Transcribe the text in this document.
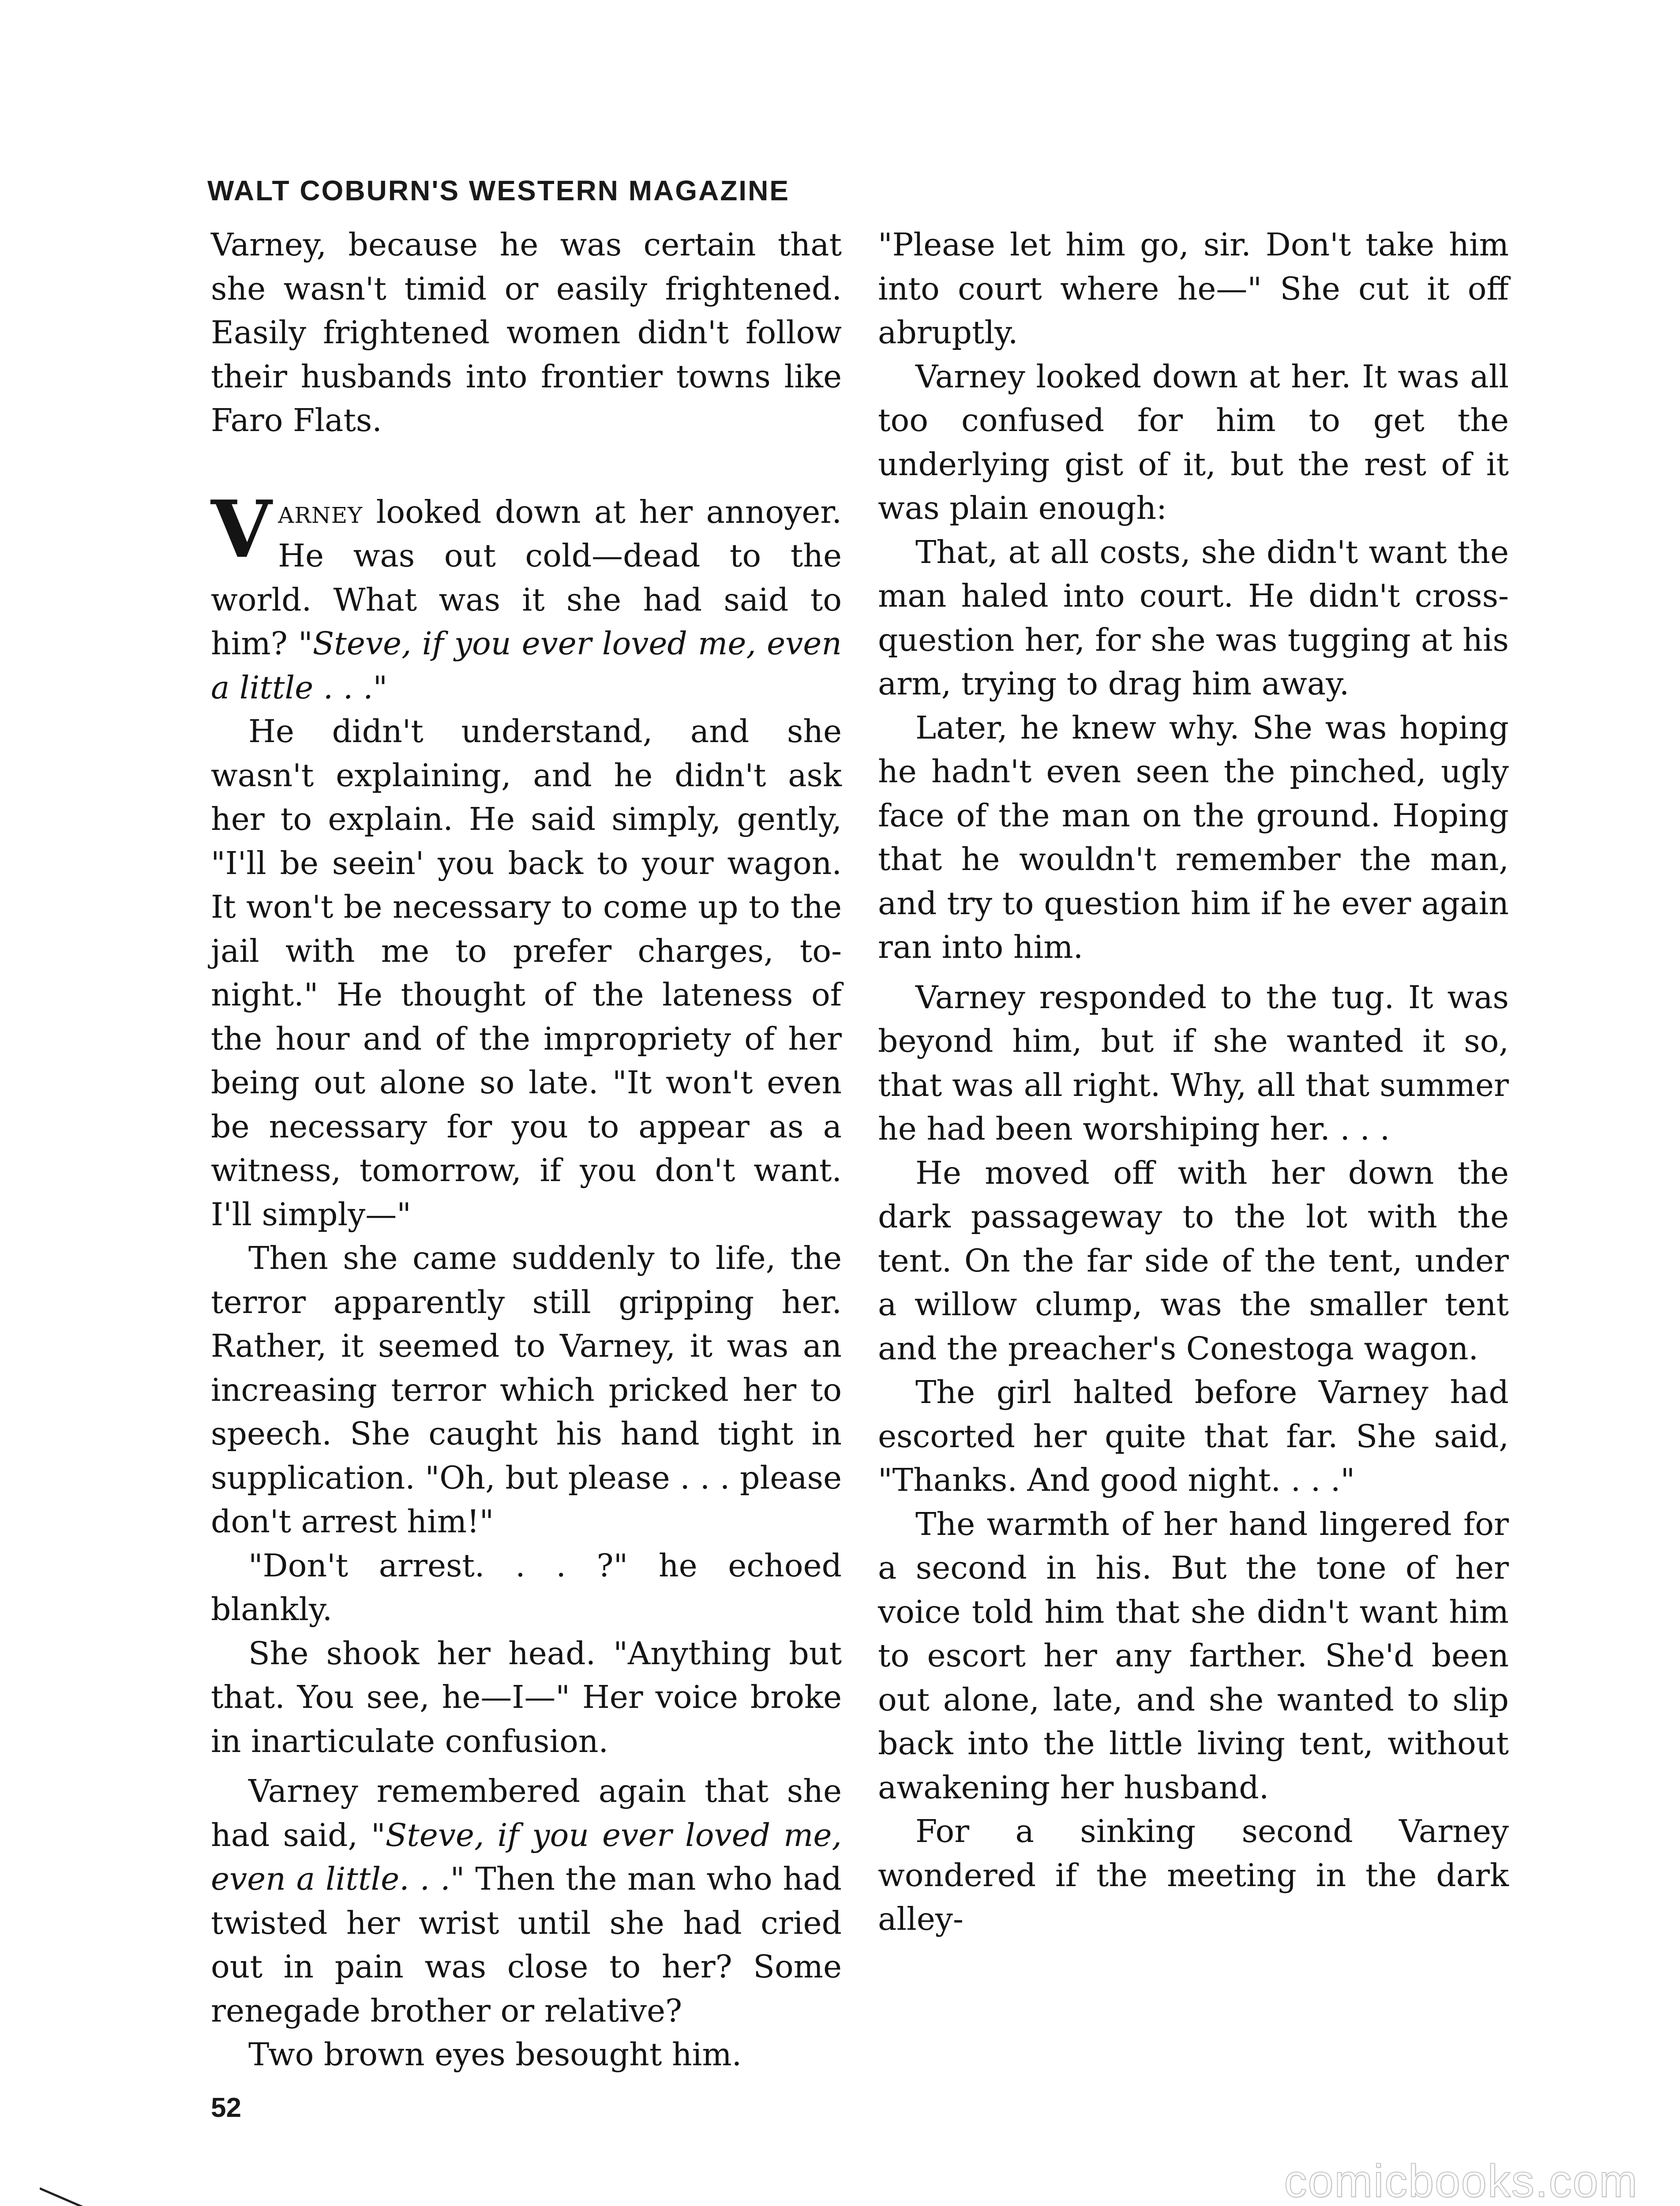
WALT COBURN'S WESTERN MAGAZINE

Varney, because he was certain that she wasn't timid or easily frightened. Easily frightened women didn't follow their husbands into frontier towns like Faro Flats.

Varney looked down at her annoyer. He was out cold—dead to the world. What was it she had said to him? "Steve, if you ever loved me, even a little . . ."

He didn't understand, and she wasn't explaining, and he didn't ask her to explain. He said simply, gently, "I'll be seein' you back to your wagon. It won't be necessary to come up to the jail with me to prefer charges, to-night." He thought of the lateness of the hour and of the impropriety of her being out alone so late. "It won't even be necessary for you to appear as a witness, tomorrow, if you don't want. I'll simply—"

Then she came suddenly to life, the terror apparently still gripping her. Rather, it seemed to Varney, it was an increasing terror which pricked her to speech. She caught his hand tight in supplication. "Oh, but please . . . please don't arrest him!"

"Don't arrest. . . ?" he echoed blankly.

She shook her head. "Anything but that. You see, he—I—" Her voice broke in inarticulate confusion.

Varney remembered again that she had said, "Steve, if you ever loved me, even a little. . ." Then the man who had twisted her wrist until she had cried out in pain was close to her? Some renegade brother or relative?

Two brown eyes besought him.

"Please let him go, sir. Don't take him into court where he—" She cut it off abruptly.

Varney looked down at her. It was all too confused for him to get the underlying gist of it, but the rest of it was plain enough:

That, at all costs, she didn't want the man haled into court. He didn't cross-question her, for she was tugging at his arm, trying to drag him away.

Later, he knew why. She was hoping he hadn't even seen the pinched, ugly face of the man on the ground. Hoping that he wouldn't remember the man, and try to question him if he ever again ran into him.

Varney responded to the tug. It was beyond him, but if she wanted it so, that was all right. Why, all that summer he had been worshiping her. . . .

He moved off with her down the dark passageway to the lot with the tent. On the far side of the tent, under a willow clump, was the smaller tent and the preacher's Conestoga wagon.

The girl halted before Varney had escorted her quite that far. She said, "Thanks. And good night. . . ."

The warmth of her hand lingered for a second in his. But the tone of her voice told him that she didn't want him to escort her any farther. She'd been out alone, late, and she wanted to slip back into the little living tent, without awakening her husband.

For a sinking second Varney wondered if the meeting in the dark alley-

52
comicbooks.com
